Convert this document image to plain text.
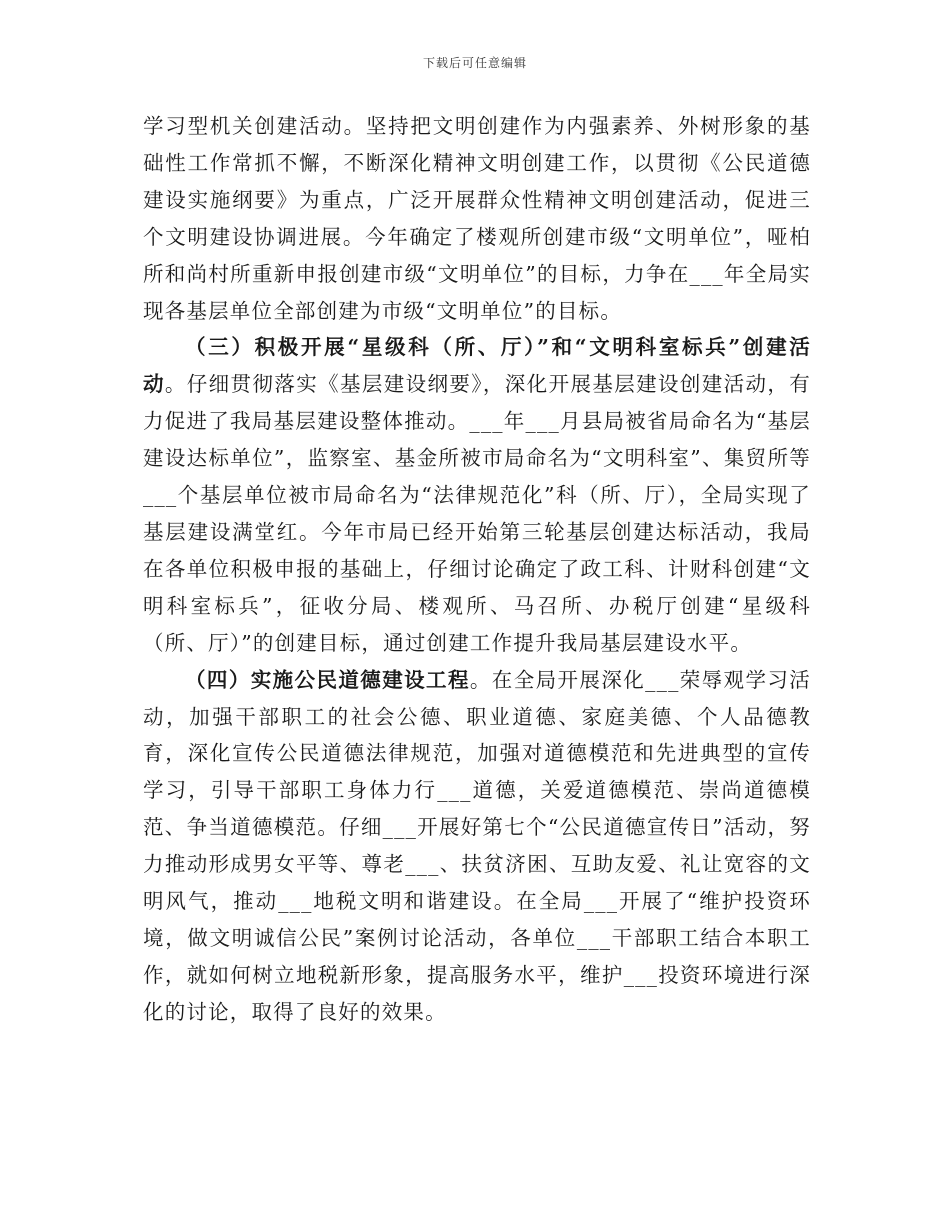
下载后可任意编辑

学习型机关创建活动。坚持把文明创建作为内强素养、外树形象的基础性工作常抓不懈，不断深化精神文明创建工作，以贯彻《公民道德建设实施纲要》为重点，广泛开展群众性精神文明创建活动，促进三个文明建设协调进展。今年确定了楼观所创建市级“文明单位”，哑柏所和尚村所重新申报创建市级“文明单位”的目标，力争在___年全局实现各基层单位全部创建为市级“文明单位”的目标。

（三）积极开展“星级科（所、厅）”和“文明科室标兵”创建活动。仔细贯彻落实《基层建设纲要》，深化开展基层建设创建活动，有力促进了我局基层建设整体推动。___年___月县局被省局命名为“基层建设达标单位”，监察室、基金所被市局命名为“文明科室”、集贸所等___个基层单位被市局命名为“法律规范化”科（所、厅），全局实现了基层建设满堂红。今年市局已经开始第三轮基层创建达标活动，我局在各单位积极申报的基础上，仔细讨论确定了政工科、计财科创建“文明科室标兵”，征收分局、楼观所、马召所、办税厅创建“星级科（所、厅）”的创建目标，通过创建工作提升我局基层建设水平。

（四）实施公民道德建设工程。在全局开展深化___荣辱观学习活动，加强干部职工的社会公德、职业道德、家庭美德、个人品德教育，深化宣传公民道德法律规范，加强对道德模范和先进典型的宣传学习，引导干部职工身体力行___道德，关爱道德模范、崇尚道德模范、争当道德模范。仔细___开展好第七个“公民道德宣传日”活动，努力推动形成男女平等、尊老___、扶贫济困、互助友爱、礼让宽容的文明风气，推动___地税文明和谐建设。在全局___开展了“维护投资环境，做文明诚信公民”案例讨论活动，各单位___干部职工结合本职工作，就如何树立地税新形象，提高服务水平，维护___投资环境进行深化的讨论，取得了良好的效果。
